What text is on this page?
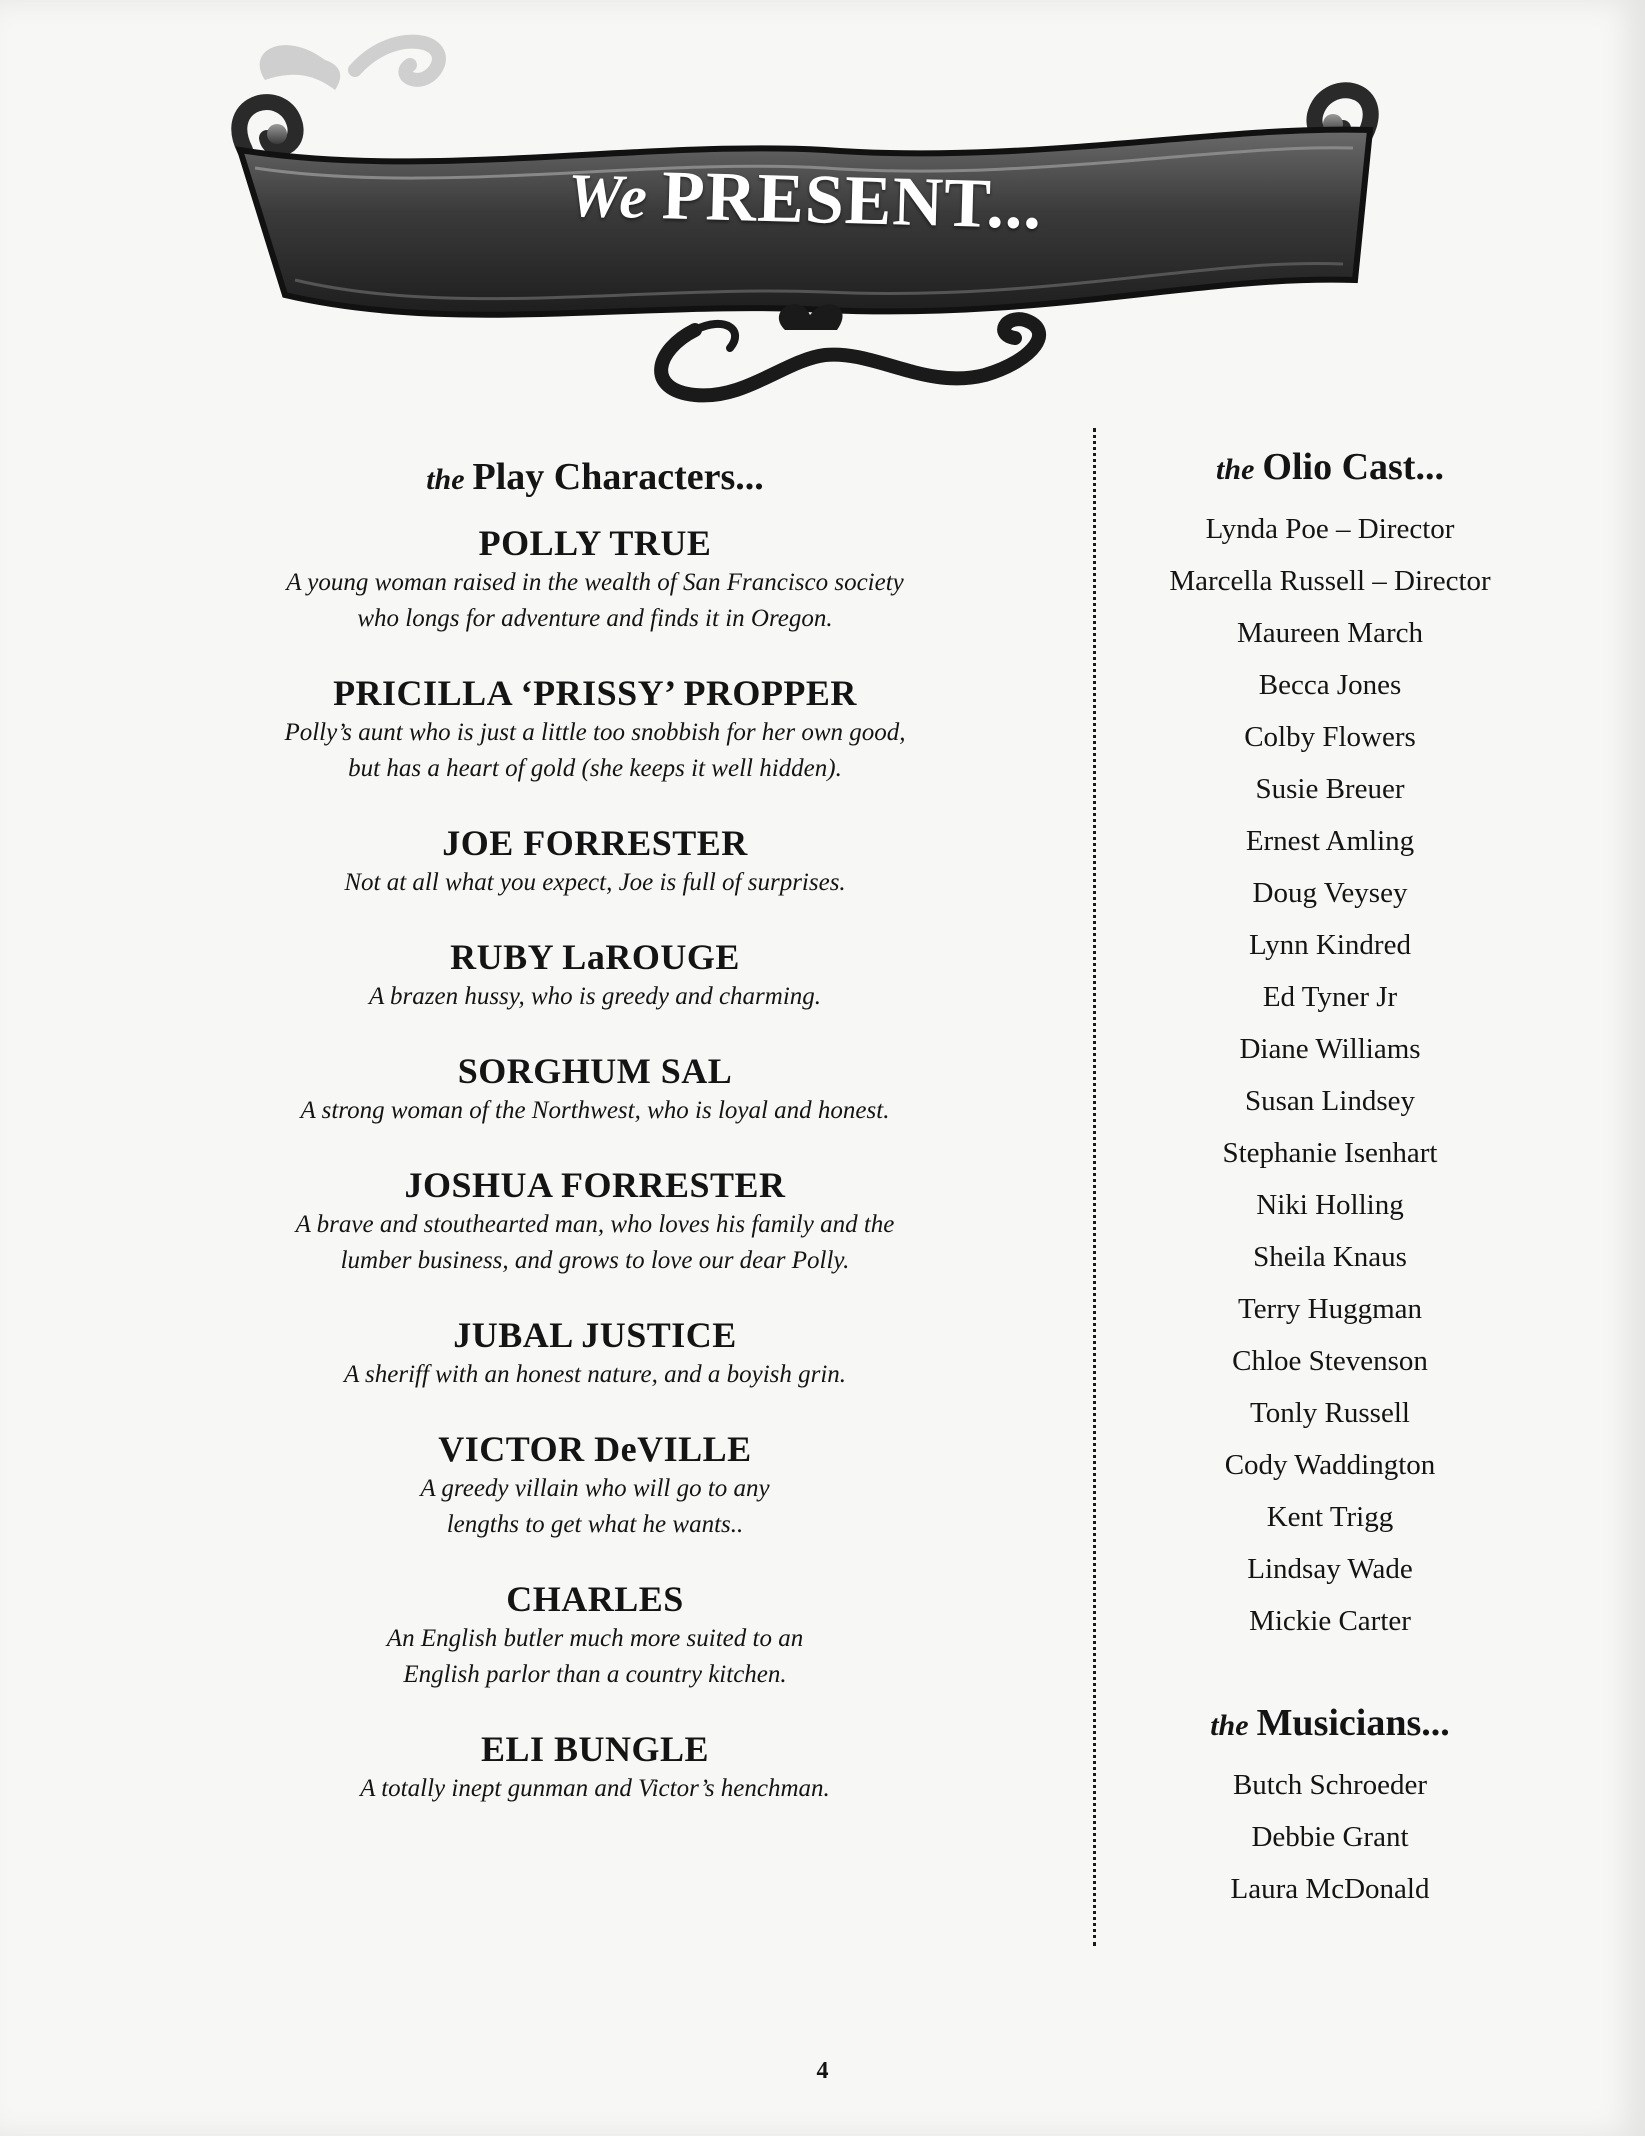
We PRESENT...
the Play Characters...
POLLY TRUE
A young woman raised in the wealth of San Francisco society
who longs for adventure and finds it in Oregon.
PRICILLA ‘PRISSY’ PROPPER
Polly’s aunt who is just a little too snobbish for her own good,
but has a heart of gold (she keeps it well hidden).
JOE FORRESTER
Not at all what you expect, Joe is full of surprises.
RUBY LaROUGE
A brazen hussy, who is greedy and charming.
SORGHUM SAL
A strong woman of the Northwest, who is loyal and honest.
JOSHUA FORRESTER
A brave and stouthearted man, who loves his family and the
lumber business, and grows to love our dear Polly.
JUBAL JUSTICE
A sheriff with an honest nature, and a boyish grin.
VICTOR DeVILLE
A greedy villain who will go to any
lengths to get what he wants..
CHARLES
An English butler much more suited to an
English parlor than a country kitchen.
ELI BUNGLE
A totally inept gunman and Victor’s henchman.
the Olio Cast...
Lynda Poe – Director
Marcella Russell – Director
Maureen March
Becca Jones
Colby Flowers
Susie Breuer
Ernest Amling
Doug Veysey
Lynn Kindred
Ed Tyner Jr
Diane Williams
Susan Lindsey
Stephanie Isenhart
Niki Holling
Sheila Knaus
Terry Huggman
Chloe Stevenson
Tonly Russell
Cody Waddington
Kent Trigg
Lindsay Wade
Mickie Carter
the Musicians...
Butch Schroeder
Debbie Grant
Laura McDonald
4
